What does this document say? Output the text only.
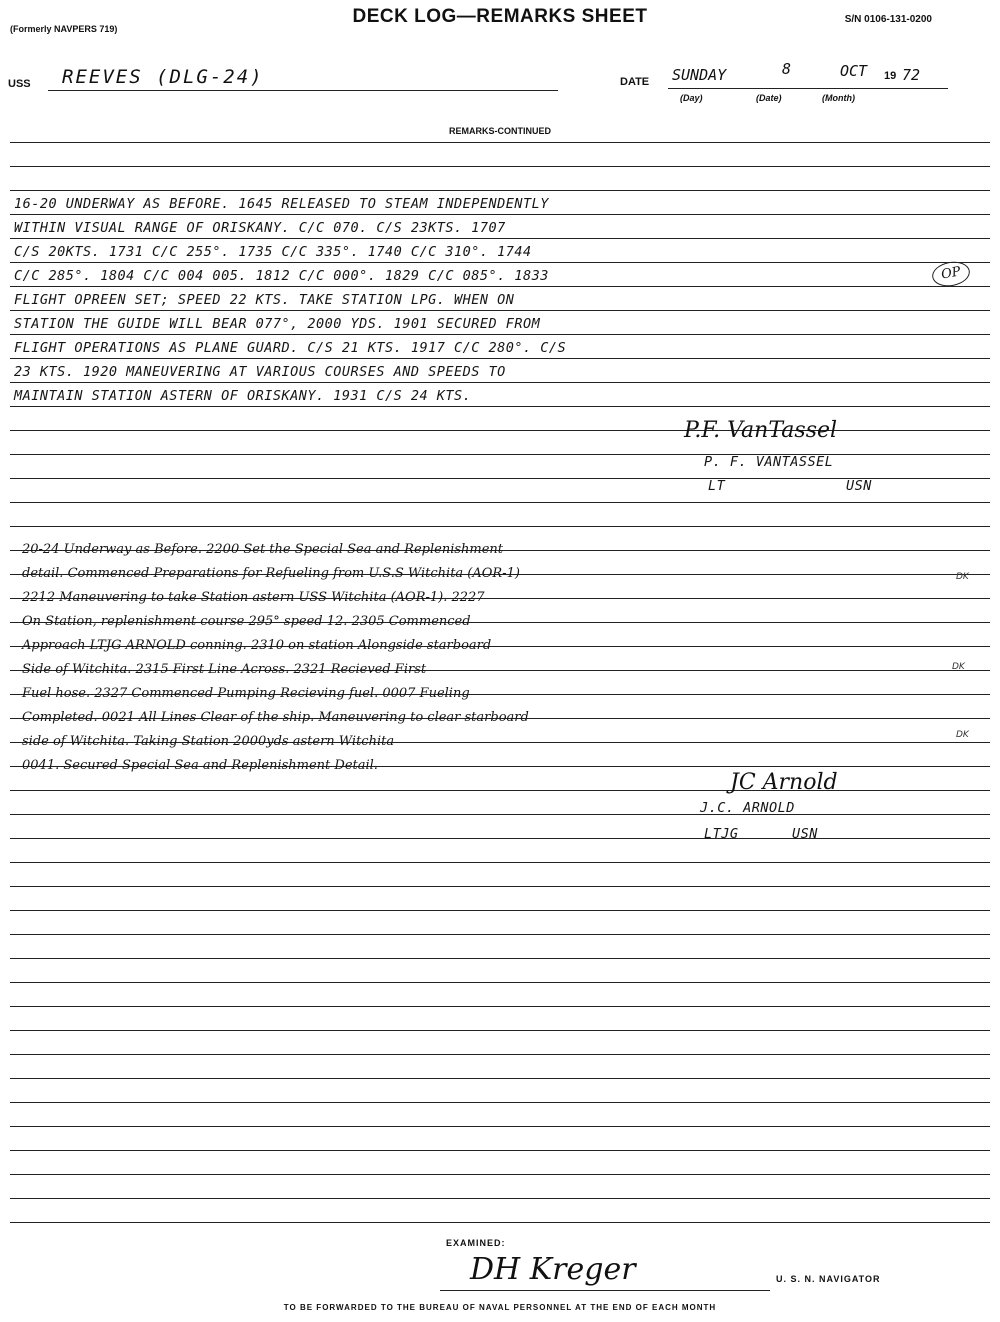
(Formerly NAVPERS 719)
DECK LOG—REMARKS SHEET	S/N 0106-131-0200
USS REEVES (DLG-24)	DATE SUNDAY	8	OCT 19 72
(Day)	(Date)	(Month)
REMARKS-CONTINUED
16-20 UNDERWAY AS BEFORE. 1645 RELEASED TO STEAM INDEPENDENTLY
WITHIN VISUAL RANGE OF ORISKANY. C/C 070. C/S 23KTS. 1707
C/S 20KTS. 1731 C/C 255°. 1735 C/C 335°. 1740 C/C 310°. 1744
C/C 285°. 1804 C/C 004 005. 1812 C/C 000°. 1829 C/C 085°. 1833
FLIGHT OPREEN SET; SPEED 22 KTS. TAKE STATION LPG. WHEN ON
STATION THE GUIDE WILL BEAR 077°, 2000 YDS. 1901 SECURED FROM
FLIGHT OPERATIONS AS PLANE GUARD. C/S 21 KTS. 1917 C/C 280°. C/S
23 KTS. 1920 MANEUVERING AT VARIOUS COURSES AND SPEEDS TO
MAINTAIN STATION ASTERN OF ORISKANY. 1931 C/S 24 KTS.
OP
P.F. VanTassel
P. F. VANTASSEL
LT	USN
20-24 Underway as Before. 2200 Set the Special Sea and Replenishment
detail. Commenced Preparations for Refueling from U.S.S Witchita (AOR-1)
2212 Maneuvering to take Station astern USS Witchita (AOR-1). 2227
On Station, replenishment course 295° speed 12. 2305 Commenced
Approach LTJG ARNOLD conning. 2310 on station Alongside starboard
Side of Witchita. 2315 First Line Across. 2321 Recieved First
Fuel hose. 2327 Commenced Pumping Recieving fuel. 0007 Fueling
Completed. 0021 All Lines Clear of the ship. Maneuvering to clear starboard
side of Witchita. Taking Station 2000yds astern Witchita
0041. Secured Special Sea and Replenishment Detail.
DK
DK
DK
JC Arnold
J.C. ARNOLD
LTJG	USN
EXAMINED:
DH Kreger	U. S. N. NAVIGATOR
TO BE FORWARDED TO THE BUREAU OF NAVAL PERSONNEL AT THE END OF EACH MONTH
